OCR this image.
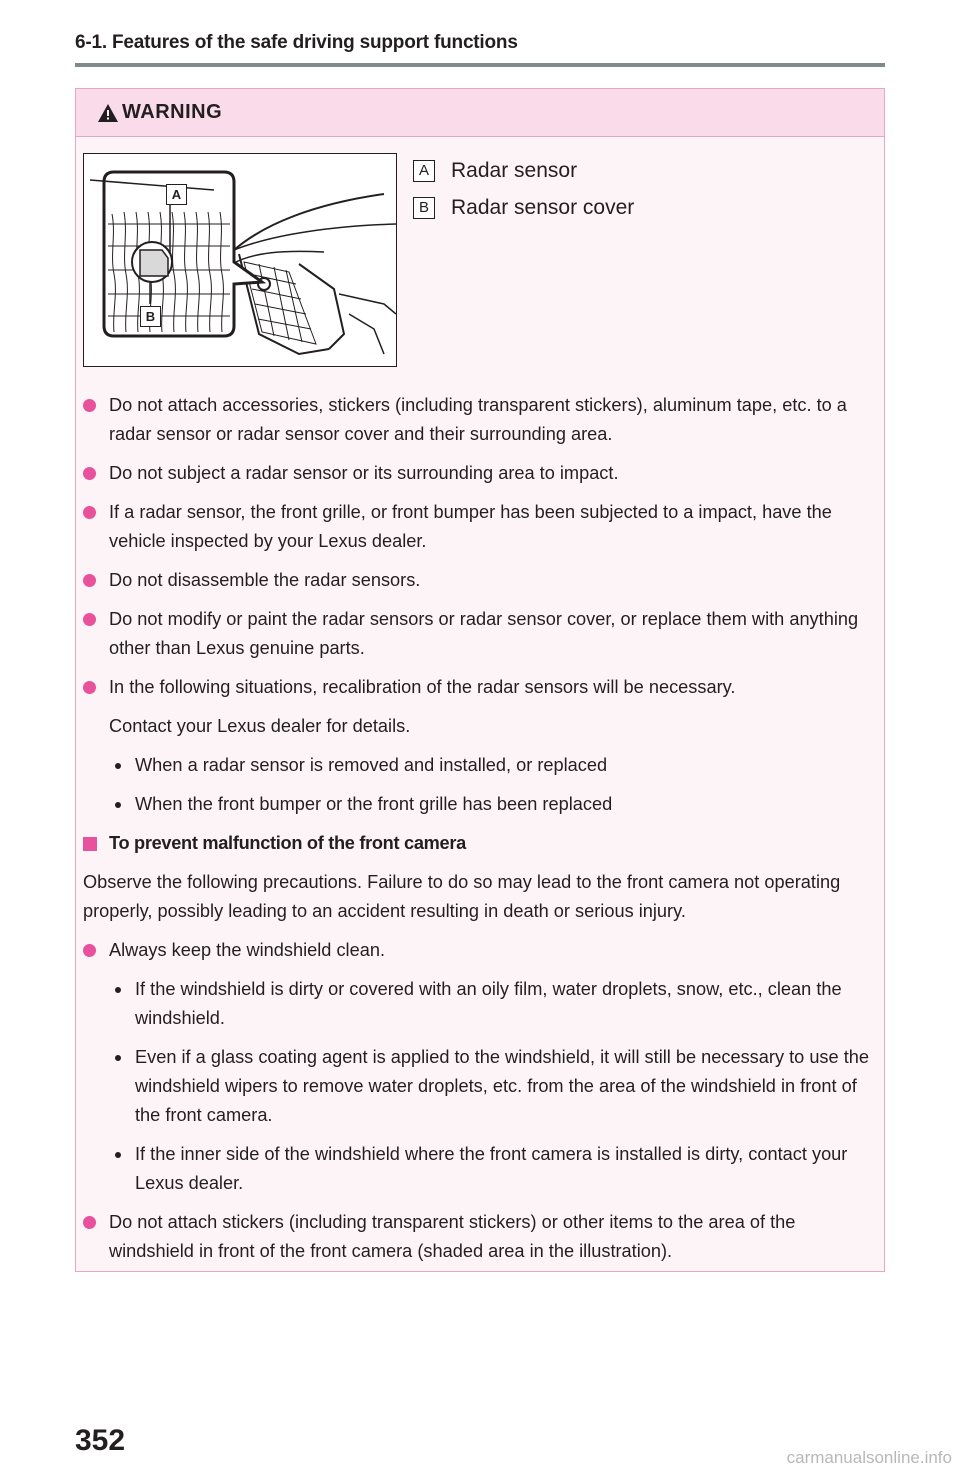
6-1. Features of the safe driving support functions
WARNING
A
B
A Radar sensor
B Radar sensor cover
Do not attach accessories, stickers (including transparent stickers), aluminum tape, etc. to a radar sensor or radar sensor cover and their surrounding area.
Do not subject a radar sensor or its surrounding area to impact.
If a radar sensor, the front grille, or front bumper has been subjected to a impact, have the vehicle inspected by your Lexus dealer.
Do not disassemble the radar sensors.
Do not modify or paint the radar sensors or radar sensor cover, or replace them with anything other than Lexus genuine parts.
In the following situations, recalibration of the radar sensors will be necessary.
Contact your Lexus dealer for details.
When a radar sensor is removed and installed, or replaced
When the front bumper or the front grille has been replaced
To prevent malfunction of the front camera
Observe the following precautions. Failure to do so may lead to the front camera not operating properly, possibly leading to an accident resulting in death or serious injury.
Always keep the windshield clean.
If the windshield is dirty or covered with an oily film, water droplets, snow, etc., clean the windshield.
Even if a glass coating agent is applied to the windshield, it will still be necessary to use the windshield wipers to remove water droplets, etc. from the area of the windshield in front of the front camera.
If the inner side of the windshield where the front camera is installed is dirty, contact your Lexus dealer.
Do not attach stickers (including transparent stickers) or other items to the area of the windshield in front of the front camera (shaded area in the illustration).
352
carmanualsonline.info
